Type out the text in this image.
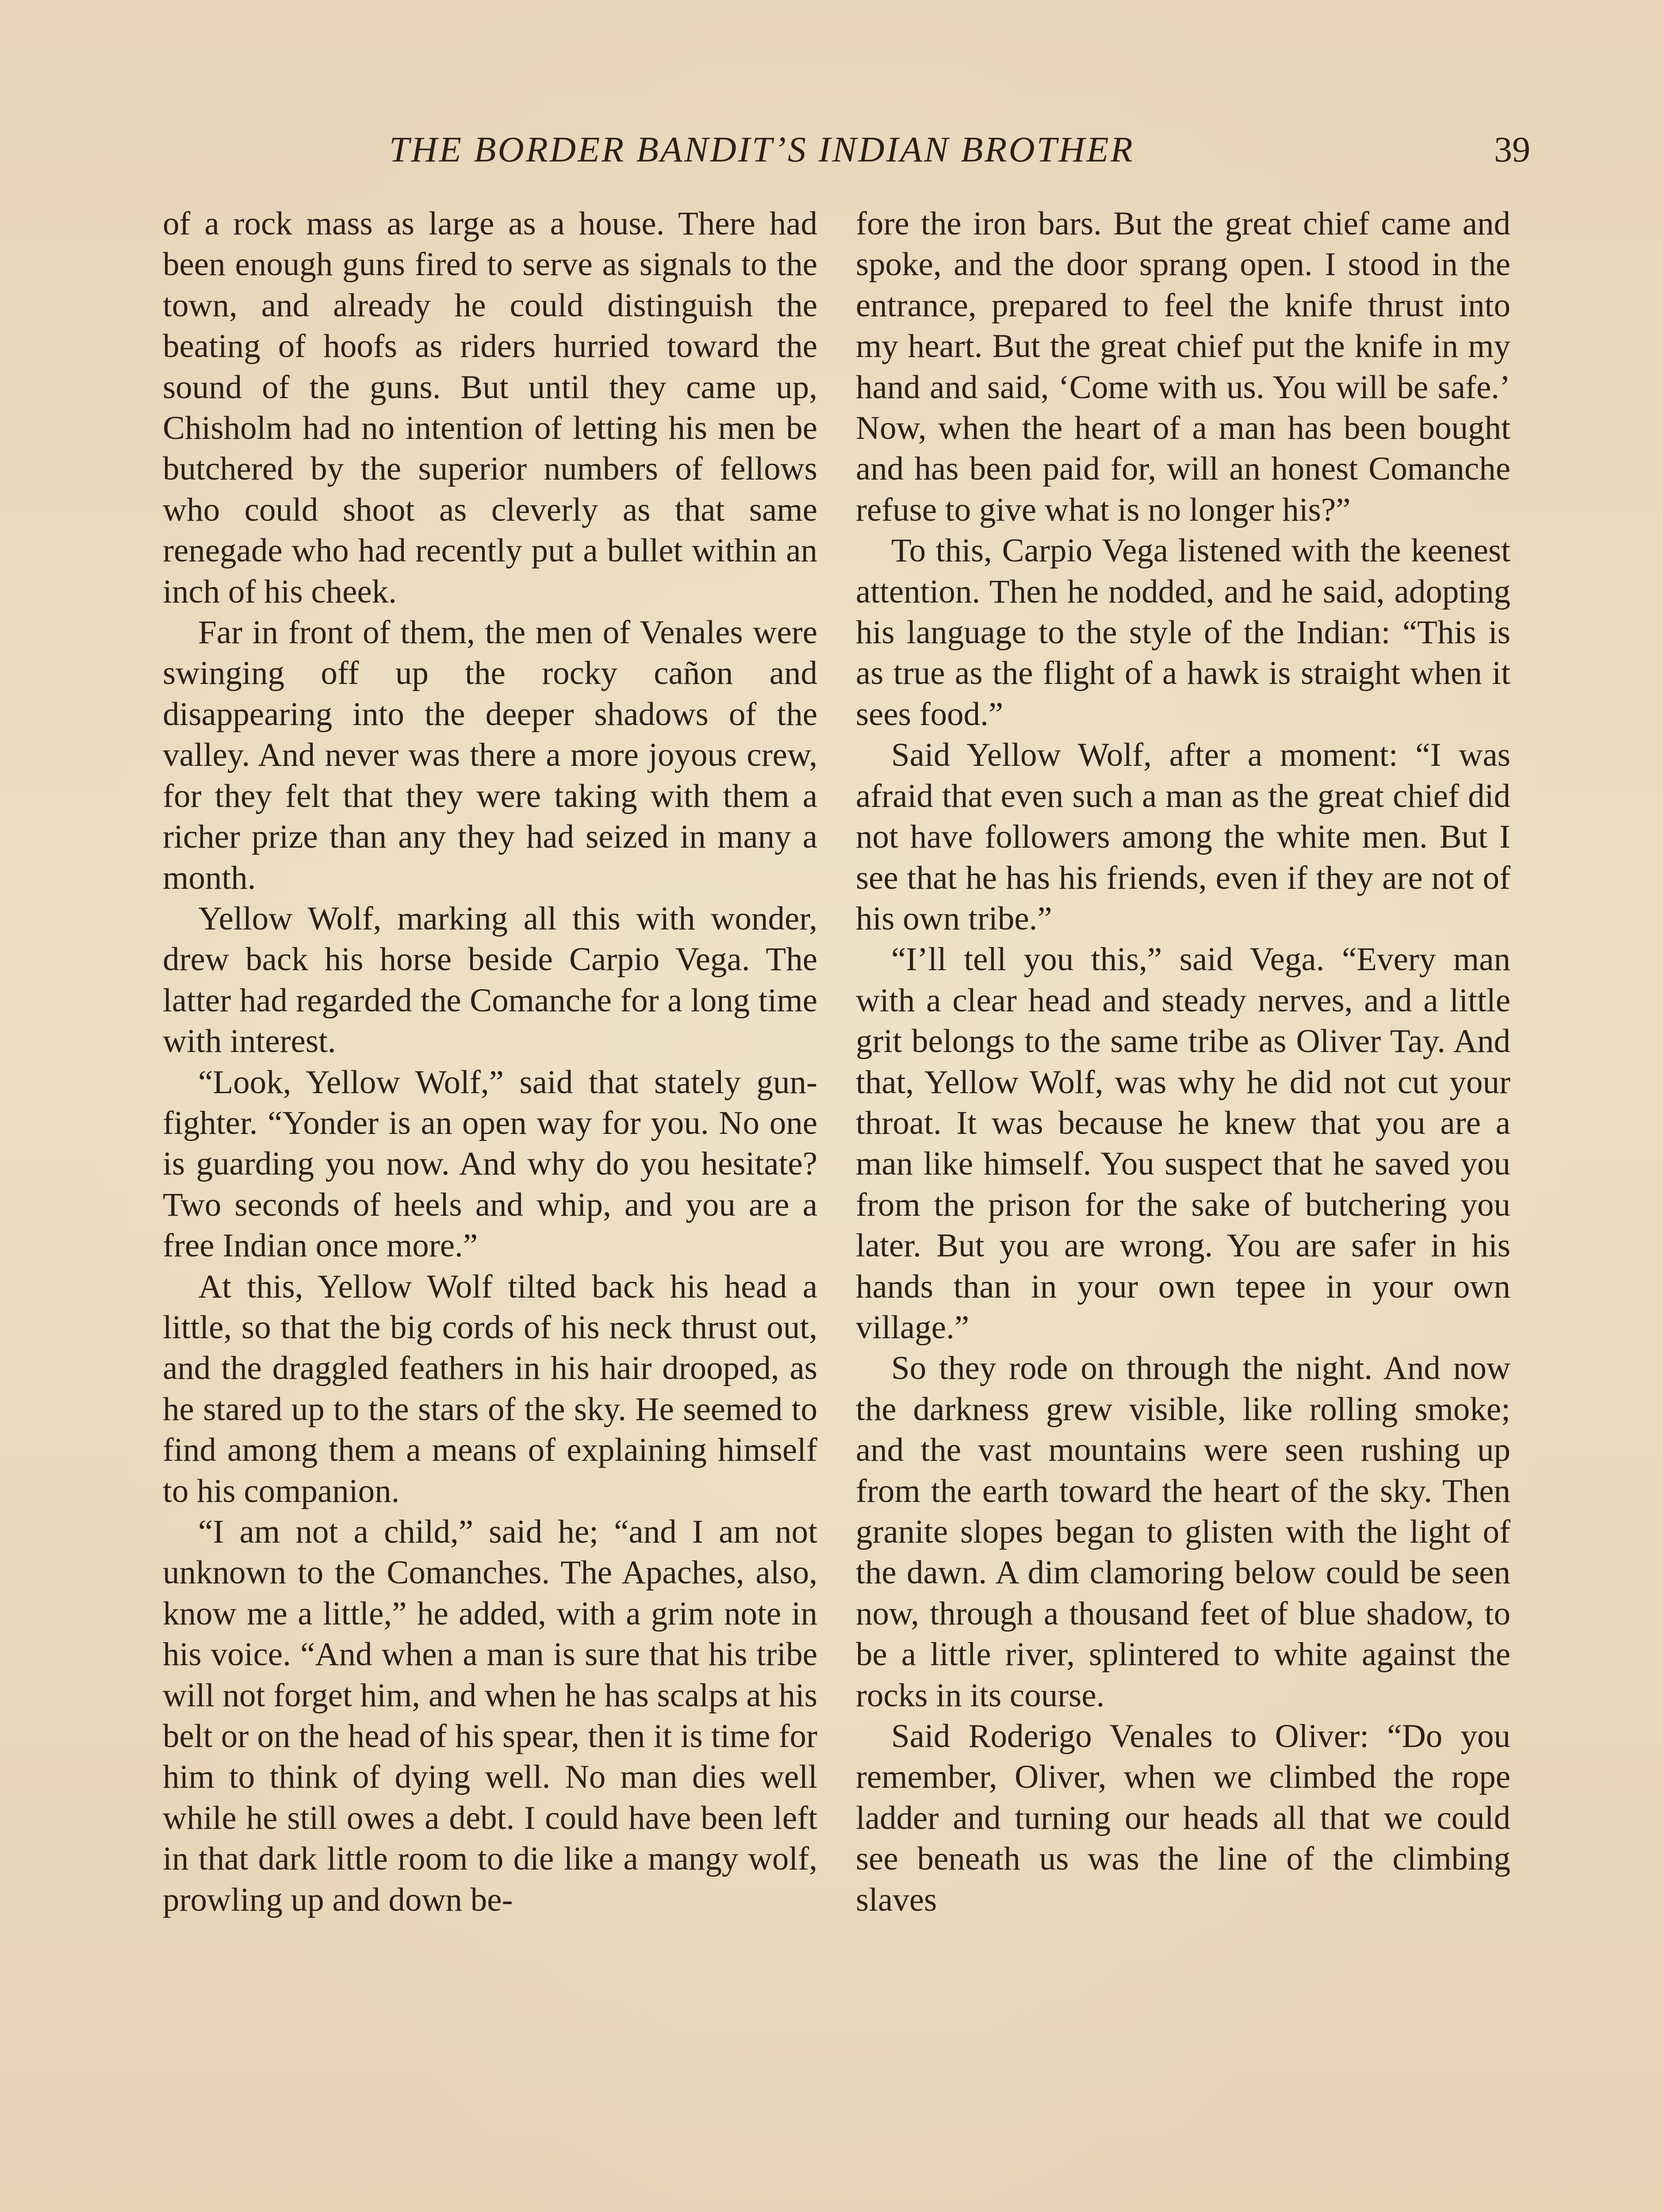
THE BORDER BANDIT’S INDIAN BROTHER	39

of a rock mass as large as a house. There had been enough guns fired to serve as signals to the town, and already he could distinguish the beating of hoofs as riders hurried toward the sound of the guns. But until they came up, Chisholm had no intention of letting his men be butchered by the superior numbers of fellows who could shoot as cleverly as that same renegade who had recently put a bullet within an inch of his cheek.

Far in front of them, the men of Venales were swinging off up the rocky cañon and disappearing into the deeper shadows of the valley. And never was there a more joyous crew, for they felt that they were taking with them a richer prize than any they had seized in many a month.

Yellow Wolf, marking all this with wonder, drew back his horse beside Carpio Vega. The latter had regarded the Comanche for a long time with interest.

“Look, Yellow Wolf,” said that stately gun-fighter. “Yonder is an open way for you. No one is guarding you now. And why do you hesitate? Two seconds of heels and whip, and you are a free Indian once more.”

At this, Yellow Wolf tilted back his head a little, so that the big cords of his neck thrust out, and the draggled feathers in his hair drooped, as he stared up to the stars of the sky. He seemed to find among them a means of explaining himself to his companion.

“I am not a child,” said he; “and I am not unknown to the Comanches. The Apaches, also, know me a little,” he added, with a grim note in his voice. “And when a man is sure that his tribe will not forget him, and when he has scalps at his belt or on the head of his spear, then it is time for him to think of dying well. No man dies well while he still owes a debt. I could have been left in that dark little room to die like a mangy wolf, prowling up and down be-

fore the iron bars. But the great chief came and spoke, and the door sprang open. I stood in the entrance, prepared to feel the knife thrust into my heart. But the great chief put the knife in my hand and said, ‘Come with us. You will be safe.’ Now, when the heart of a man has been bought and has been paid for, will an honest Comanche refuse to give what is no longer his?”

To this, Carpio Vega listened with the keenest attention. Then he nodded, and he said, adopting his language to the style of the Indian: “This is as true as the flight of a hawk is straight when it sees food.”

Said Yellow Wolf, after a moment: “I was afraid that even such a man as the great chief did not have followers among the white men. But I see that he has his friends, even if they are not of his own tribe.”

“I’ll tell you this,” said Vega. “Every man with a clear head and steady nerves, and a little grit belongs to the same tribe as Oliver Tay. And that, Yellow Wolf, was why he did not cut your throat. It was because he knew that you are a man like himself. You suspect that he saved you from the prison for the sake of butchering you later. But you are wrong. You are safer in his hands than in your own tepee in your own village.”

So they rode on through the night. And now the darkness grew visible, like rolling smoke; and the vast mountains were seen rushing up from the earth toward the heart of the sky. Then granite slopes began to glisten with the light of the dawn. A dim clamoring below could be seen now, through a thousand feet of blue shadow, to be a little river, splintered to white against the rocks in its course.

Said Roderigo Venales to Oliver: “Do you remember, Oliver, when we climbed the rope ladder and turning our heads all that we could see beneath us was the line of the climbing slaves
